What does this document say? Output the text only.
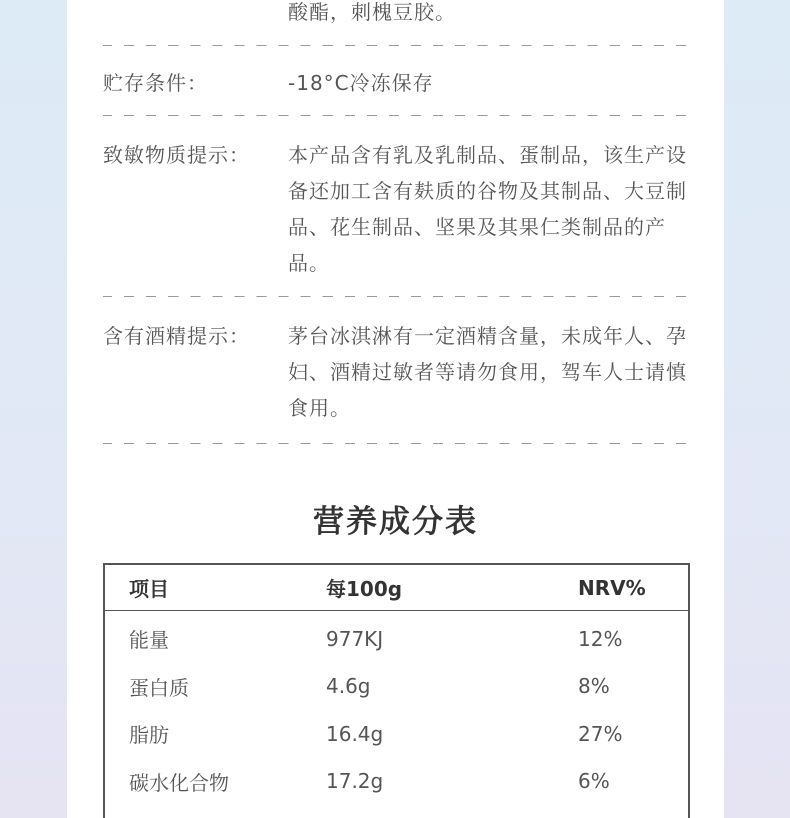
酸酯，刺槐豆胶。
贮存条件：	-18°C冷冻保存
致敏物质提示：	本产品含有乳及乳制品、蛋制品，该生产设备还加工含有麸质的谷物及其制品、大豆制品、花生制品、坚果及其果仁类制品的产品。
含有酒精提示：	茅台冰淇淋有一定酒精含量，未成年人、孕妇、酒精过敏者等请勿食用，驾车人士请慎食用。
营养成分表
项目	每100g	NRV%
能量	977KJ	12%
蛋白质	4.6g	8%
脂肪	16.4g	27%
碳水化合物	17.2g	6%
